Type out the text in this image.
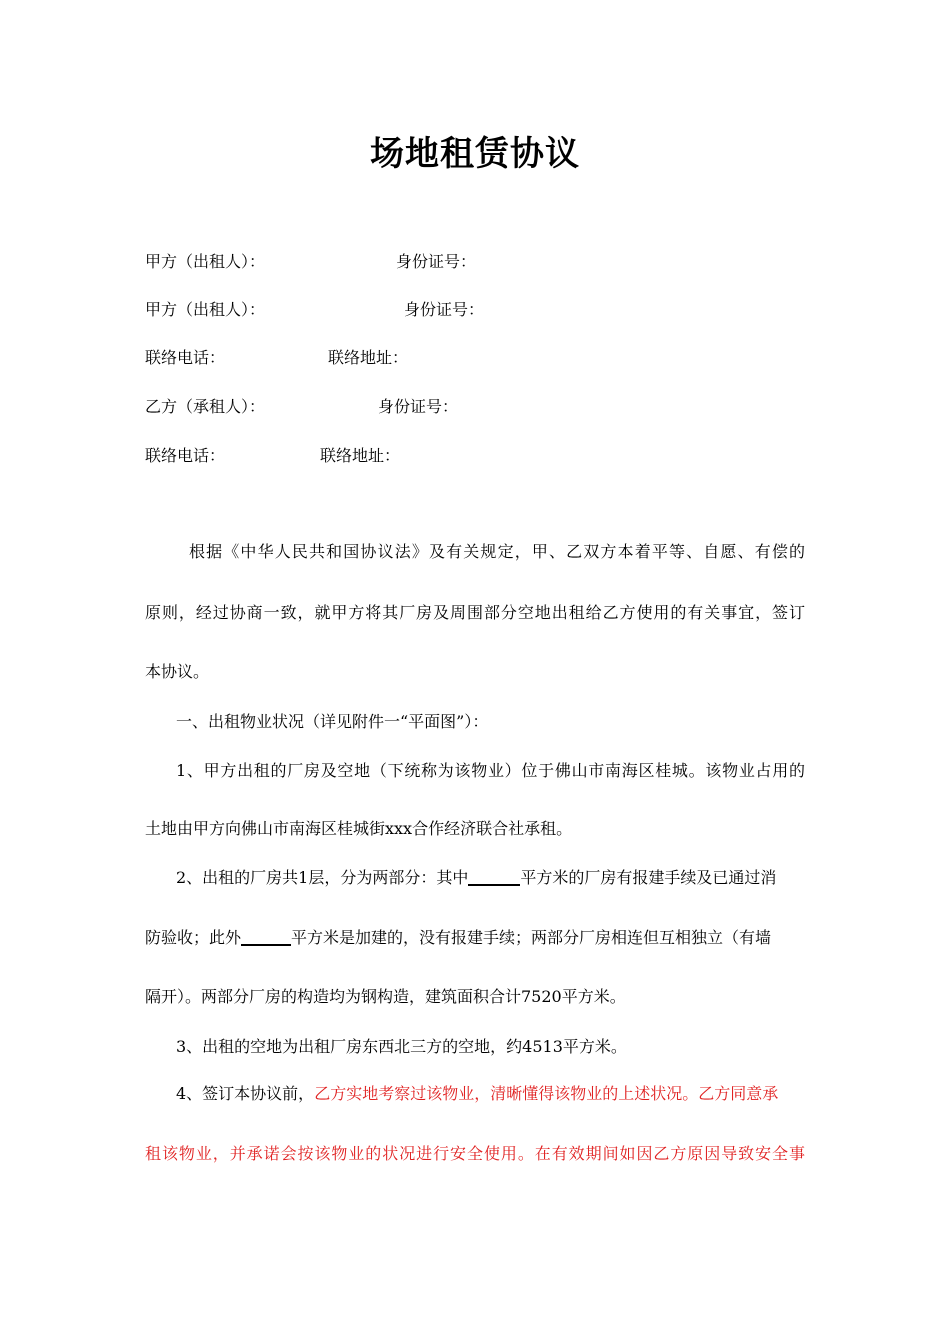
场地租赁协议
甲方（出租人）：	身份证号：
甲方（出租人）：	身份证号：
联络电话：	联络地址：
乙方（承租人）：	身份证号：
联络电话：	联络地址：
根据《中华人民共和国协议法》及有关规定，甲、乙双方本着平等、自愿、有偿的
原则，经过协商一致，就甲方将其厂房及周围部分空地出租给乙方使用的有关事宜，签订
本协议。
一、出租物业状况（详见附件一“平面图”）：
1、甲方出租的厂房及空地（下统称为该物业）位于佛山市南海区桂城。该物业占用的
土地由甲方向佛山市南海区桂城街xxx合作经济联合社承租。
2、出租的厂房共1层，分为两部分：其中	平方米的厂房有报建手续及已通过消
防验收；此外	平方米是加建的，没有报建手续；两部分厂房相连但互相独立（有墙
隔开）。两部分厂房的构造均为钢构造，建筑面积合计7520平方米。
3、出租的空地为出租厂房东西北三方的空地，约4513平方米。
4、签订本协议前， 乙方实地考察过该物业，清晰懂得该物业的上述状况。乙方同意承
租该物业，并承诺会按该物业的状况进行安全使用。在有效期间如因乙方原因导致安全事
